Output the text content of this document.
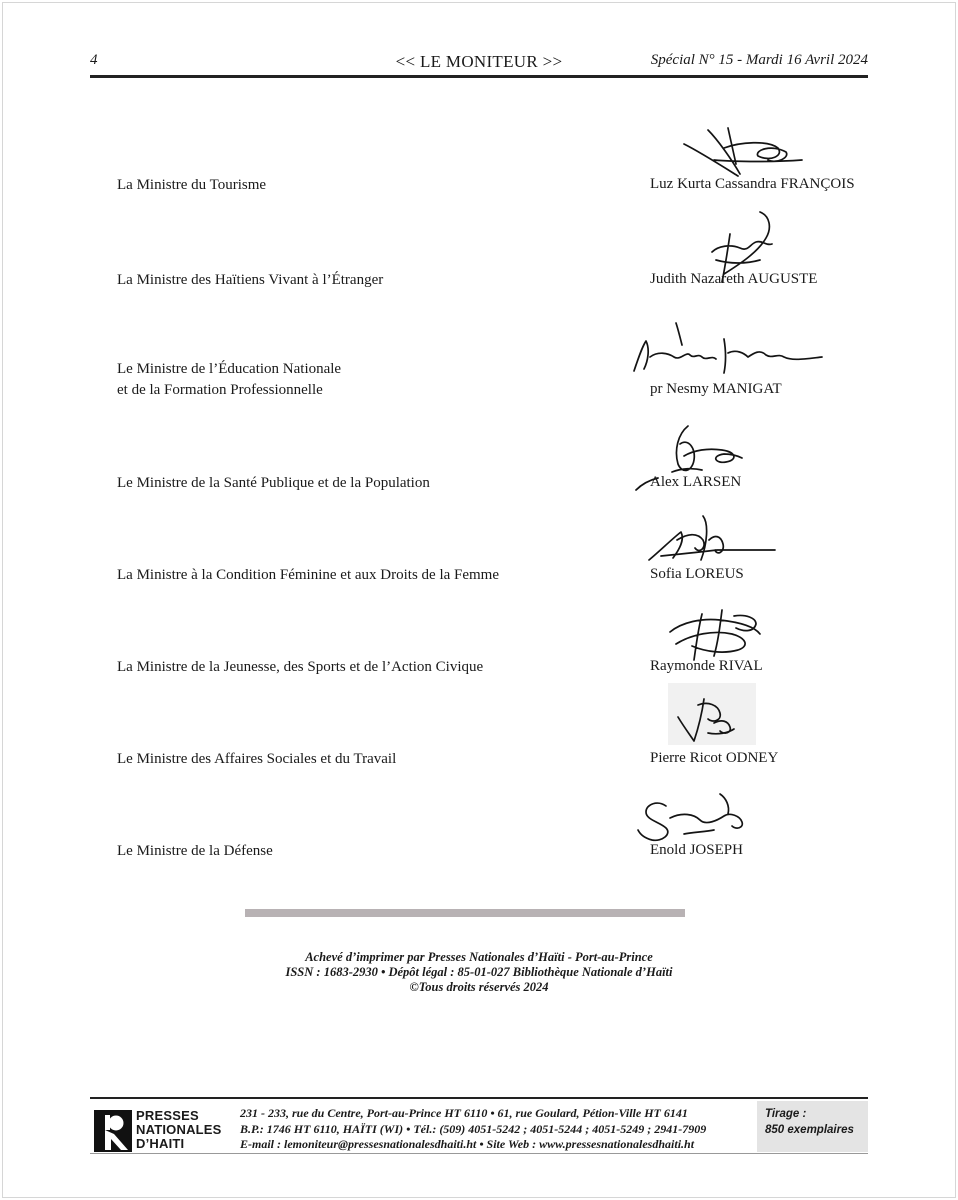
4	<< LE MONITEUR >>	Spécial N° 15 - Mardi 16 Avril 2024
La Ministre du Tourisme	Luz Kurta Cassandra FRANÇOIS
La Ministre des Haïtiens Vivant à l’Étranger	Judith Nazareth AUGUSTE
Le Ministre de l’Éducation Nationale
et de la Formation Professionnelle	pr Nesmy MANIGAT
Le Ministre de la Santé Publique et de la Population	Alex LARSEN
La Ministre à la Condition Féminine et aux Droits de la Femme	Sofia LOREUS
La Ministre de la Jeunesse, des Sports et de l’Action Civique	Raymonde RIVAL
Le Ministre des Affaires Sociales et du Travail	Pierre Ricot ODNEY
Le Ministre de la Défense	Enold JOSEPH
Achevé d’imprimer par Presses Nationales d’Haïti - Port-au-Prince
ISSN : 1683-2930 • Dépôt légal : 85-01-027 Bibliothèque Nationale d’Haïti
©Tous droits réservés 2024
PRESSES
NATIONALES
D’HAITI
231 - 233, rue du Centre, Port-au-Prince HT 6110 • 61, rue Goulard, Pétion-Ville HT 6141
B.P.: 1746 HT 6110, HAÏTI (WI) • Tél.: (509) 4051-5242 ; 4051-5244 ; 4051-5249 ; 2941-7909
E-mail : lemoniteur@pressesnationalesdhaiti.ht • Site Web : www.pressesnationalesdhaiti.ht
Tirage :
850 exemplaires
